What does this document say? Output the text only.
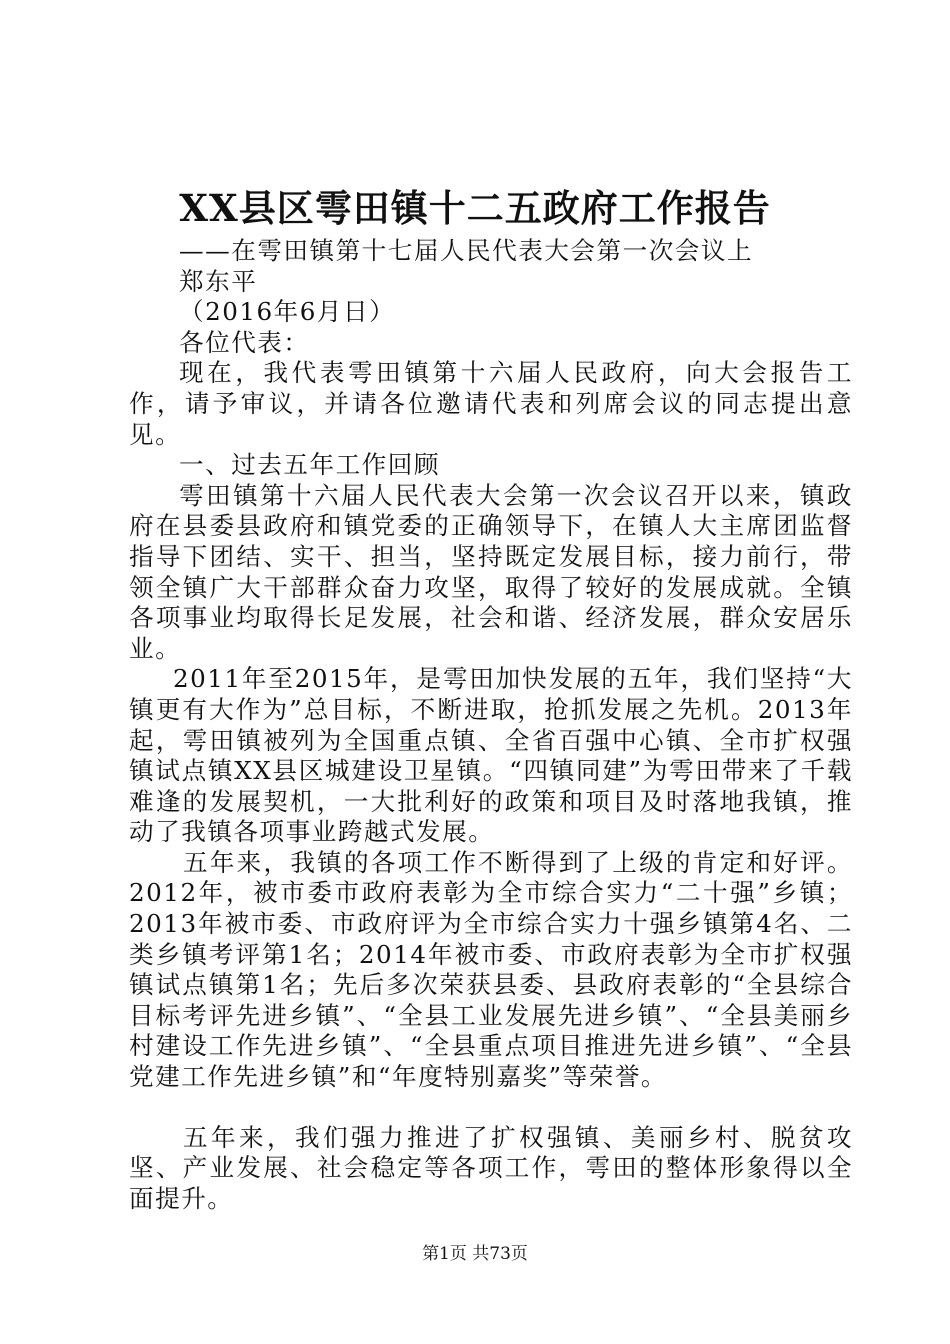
XX县区雩田镇十二五政府工作报告

——在雩田镇第十七届人民代表大会第一次会议上

郑东平

（2016年6月日）

各位代表：

现在，我代表雩田镇第十六届人民政府，向大会报告工作，请予审议，并请各位邀请代表和列席会议的同志提出意见。

一、过去五年工作回顾

雩田镇第十六届人民代表大会第一次会议召开以来，镇政府在县委县政府和镇党委的正确领导下，在镇人大主席团监督指导下团结、实干、担当，坚持既定发展目标，接力前行，带领全镇广大干部群众奋力攻坚，取得了较好的发展成就。全镇各项事业均取得长足发展，社会和谐、经济发展，群众安居乐业。

2011年至2015年，是雩田加快发展的五年，我们坚持“大镇更有大作为”总目标，不断进取，抢抓发展之先机。2013年起，雩田镇被列为全国重点镇、全省百强中心镇、全市扩权强镇试点镇XX县区城建设卫星镇。“四镇同建”为雩田带来了千载难逢的发展契机，一大批利好的政策和项目及时落地我镇，推动了我镇各项事业跨越式发展。

五年来，我镇的各项工作不断得到了上级的肯定和好评。2012年，被市委市政府表彰为全市综合实力“二十强”乡镇；2013年被市委、市政府评为全市综合实力十强乡镇第4名、二类乡镇考评第1名；2014年被市委、市政府表彰为全市扩权强镇试点镇第1名；先后多次荣获县委、县政府表彰的“全县综合目标考评先进乡镇”、“全县工业发展先进乡镇”、“全县美丽乡村建设工作先进乡镇”、“全县重点项目推进先进乡镇”、“全县党建工作先进乡镇”和“年度特别嘉奖”等荣誉。

五年来，我们强力推进了扩权强镇、美丽乡村、脱贫攻坚、产业发展、社会稳定等各项工作，雩田的整体形象得以全面提升。

第1页 共73页
